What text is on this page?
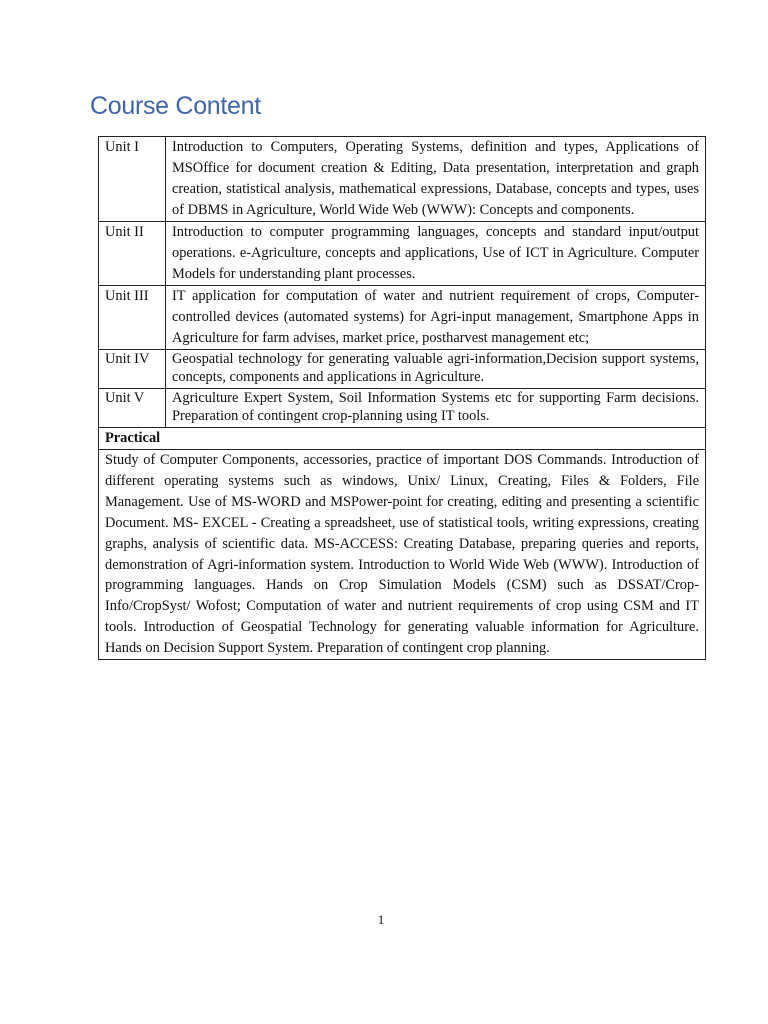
Course Content
Unit I	Introduction to Computers, Operating Systems, definition and types, Applications of MSOffice for document creation & Editing, Data presentation, interpretation and graph creation, statistical analysis, mathematical expressions, Database, concepts and types, uses of DBMS in Agriculture, World Wide Web (WWW): Concepts and components.
Unit II	Introduction to computer programming languages, concepts and standard input/output operations. e-Agriculture, concepts and applications, Use of ICT in Agriculture. Computer Models for understanding plant processes.
Unit III	IT application for computation of water and nutrient requirement of crops, Computer-controlled devices (automated systems) for Agri-input management, Smartphone Apps in Agriculture for farm advises, market price, postharvest management etc;
Unit IV	Geospatial technology for generating valuable agri-information,Decision support systems, concepts, components and applications in Agriculture.
Unit V	Agriculture Expert System, Soil Information Systems etc for supporting Farm decisions. Preparation of contingent crop-planning using IT tools.
Practical	
Study of Computer Components, accessories, practice of important DOS Commands. Introduction of different operating systems such as windows, Unix/ Linux, Creating, Files & Folders, File Management. Use of MS-WORD and MSPower-point for creating, editing and presenting a scientific Document. MS- EXCEL - Creating a spreadsheet, use of statistical tools, writing expressions, creating graphs, analysis of scientific data. MS-ACCESS: Creating Database, preparing queries and reports, demonstration of Agri-information system. Introduction to World Wide Web (WWW). Introduction of programming languages. Hands on Crop Simulation Models (CSM) such as DSSAT/Crop- Info/CropSyst/ Wofost; Computation of water and nutrient requirements of crop using CSM and IT tools. Introduction of Geospatial Technology for generating valuable information for Agriculture. Hands on Decision Support System. Preparation of contingent crop planning.	
1
